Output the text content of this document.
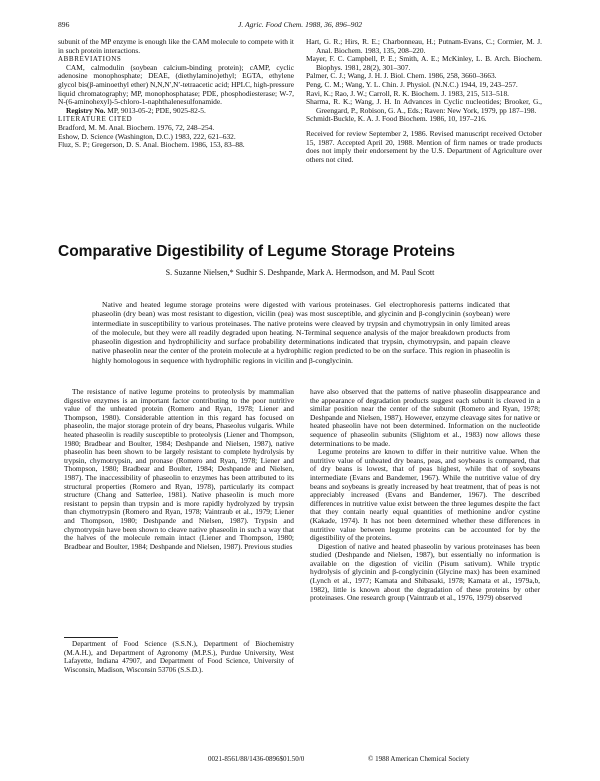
896	J. Agric. Food Chem. 1988, 36, 896–902

subunit of the MP enzyme is enough like the CAM molecule to compete with it in such protein interactions.

ABBREVIATIONS

CAM, calmodulin (soybean calcium-binding protein); cAMP, cyclic adenosine monophosphate; DEAE, (diethylamino)ethyl; EGTA, ethylene glycol bis(β-aminoethyl ether) N,N,N′,N′-tetraacetic acid; HPLC, high-pressure liquid chromatography; MP, monophosphatase; PDE, phosphodiesterase; W-7, N-(6-aminohexyl)-5-chloro-1-naphthalenesulfonamide.

Registry No. MP, 9013-05-2; PDE, 9025-82-5.

LITERATURE CITED

Bradford, M. M. Anal. Biochem. 1976, 72, 248–254.

Eshow, D. Science (Washington, D.C.) 1983, 222, 621–632.

Fluz, S. P.; Gregerson, D. S. Anal. Biochem. 1986, 153, 83–88.

Hart, G. R.; Hirs, R. E.; Charbonneau, H.; Putnam-Evans, C.; Cormier, M. J. Anal. Biochem. 1983, 135, 208–220.

Mayer, F. C. Campbell, P. E.; Smith, A. E.; McKinley, L. B. Arch. Biochem. Biophys. 1981, 28(2), 301–307.

Palmer, C. J.; Wang, J. H. J. Biol. Chem. 1986, 258, 3660–3663.

Peng, C. M.; Wang, Y. L. Chin. J. Physiol. (N.N.C.) 1944, 19, 243–257.

Ravi, K.; Rao, J. W.; Carroll, R. K. Biochem. J. 1983, 215, 513–518.

Sharma, R. K.; Wang, J. H. In Advances in Cyclic nucleotides; Brooker, G., Greengard, P., Robison, G. A., Eds.; Raven: New York, 1979, pp 187–198.

Schmidt-Buckle, K. A. J. Food Biochem. 1986, 10, 197–216.

Received for review September 2, 1986. Revised manuscript received October 15, 1987. Accepted April 20, 1988. Mention of firm names or trade products does not imply their endorsement by the U.S. Department of Agriculture over others not cited.

Comparative Digestibility of Legume Storage Proteins
S. Suzanne Nielsen,* Sudhir S. Deshpande, Mark A. Hermodson, and M. Paul Scott
Native and heated legume storage proteins were digested with various proteinases. Gel electrophoresis patterns indicated that phaseolin (dry bean) was most resistant to digestion, vicilin (pea) was most susceptible, and glycinin and β-conglycinin (soybean) were intermediate in susceptibility to various proteinases. The native proteins were cleaved by trypsin and chymotrypsin in only limited areas of the molecule, but they were all readily degraded upon heating. N-Terminal sequence analysis of the major breakdown products from phaseolin digestion and hydrophilicity and surface probability determinations indicated that trypsin, chymotrypsin, and papain cleave native phaseolin near the center of the protein molecule at a hydrophilic region predicted to be on the surface. This region in phaseolin is highly homologous in sequence with hydrophilic regions in vicilin and β-conglycinin.

The resistance of native legume proteins to proteolysis by mammalian digestive enzymes is an important factor contributing to the poor nutritive value of the unheated protein (Romero and Ryan, 1978; Liener and Thompson, 1980). Considerable attention in this regard has focused on phaseolin, the major storage protein of dry beans, Phaseolus vulgaris. While heated phaseolin is readily susceptible to proteolysis (Liener and Thompson, 1980; Bradbear and Boulter, 1984; Deshpande and Nielsen, 1987), native phaseolin has been shown to be largely resistant to complete hydrolysis by trypsin, chymotrypsin, and pronase (Romero and Ryan, 1978; Liener and Thompson, 1980; Bradbear and Boulter, 1984; Deshpande and Nielsen, 1987). The inaccessibility of phaseolin to enzymes has been attributed to its structural properties (Romero and Ryan, 1978), particularly its compact structure (Chang and Satterlee, 1981). Native phaseolin is much more resistant to pepsin than trypsin and is more rapidly hydrolyzed by trypsin than chymotrypsin (Romero and Ryan, 1978; Vaintraub et al., 1979; Liener and Thompson, 1980; Deshpande and Nielsen, 1987). Trypsin and chymotrypsin have been shown to cleave native phaseolin in such a way that the halves of the molecule remain intact (Liener and Thompson, 1980; Bradbear and Boulter, 1984; Deshpande and Nielsen, 1987). Previous studies

Department of Food Science (S.S.N.), Department of Biochemistry (M.A.H.), and Department of Agronomy (M.P.S.), Purdue University, West Lafayette, Indiana 47907, and Department of Food Science, University of Wisconsin, Madison, Wisconsin 53706 (S.S.D.).

have also observed that the patterns of native phaseolin disappearance and the appearance of degradation products suggest each subunit is cleaved in a similar position near the center of the subunit (Romero and Ryan, 1978; Deshpande and Nielsen, 1987). However, enzyme cleavage sites for native or heated phaseolin have not been determined. Information on the nucleotide sequence of phaseolin subunits (Slightom et al., 1983) now allows these determinations to be made.

Legume proteins are known to differ in their nutritive value. When the nutritive value of unheated dry beans, peas, and soybeans is compared, that of dry beans is lowest, that of peas highest, while that of soybeans intermediate (Evans and Bandemer, 1967). While the nutritive value of dry beans and soybeans is greatly increased by heat treatment, that of peas is not appreciably increased (Evans and Bandemer, 1967). The described differences in nutritive value exist between the three legumes despite the fact that they contain nearly equal quantities of methionine and/or cystine (Kakade, 1974). It has not been determined whether these differences in nutritive value between legume proteins can be accounted for by the digestibility of the proteins.

Digestion of native and heated phaseolin by various proteinases has been studied (Deshpande and Nielsen, 1987), but essentially no information is available on the digestion of vicilin (Pisum sativum). While tryptic hydrolysis of glycinin and β-conglycinin (Glycine max) has been examined (Lynch et al., 1977; Kamata and Shibasaki, 1978; Kamata et al., 1979a,b, 1982), little is known about the degradation of these proteins by other proteinases. One research group (Vaintraub et al., 1976, 1979) observed

0021-8561/88/1436-0896$01.50/0	© 1988 American Chemical Society
